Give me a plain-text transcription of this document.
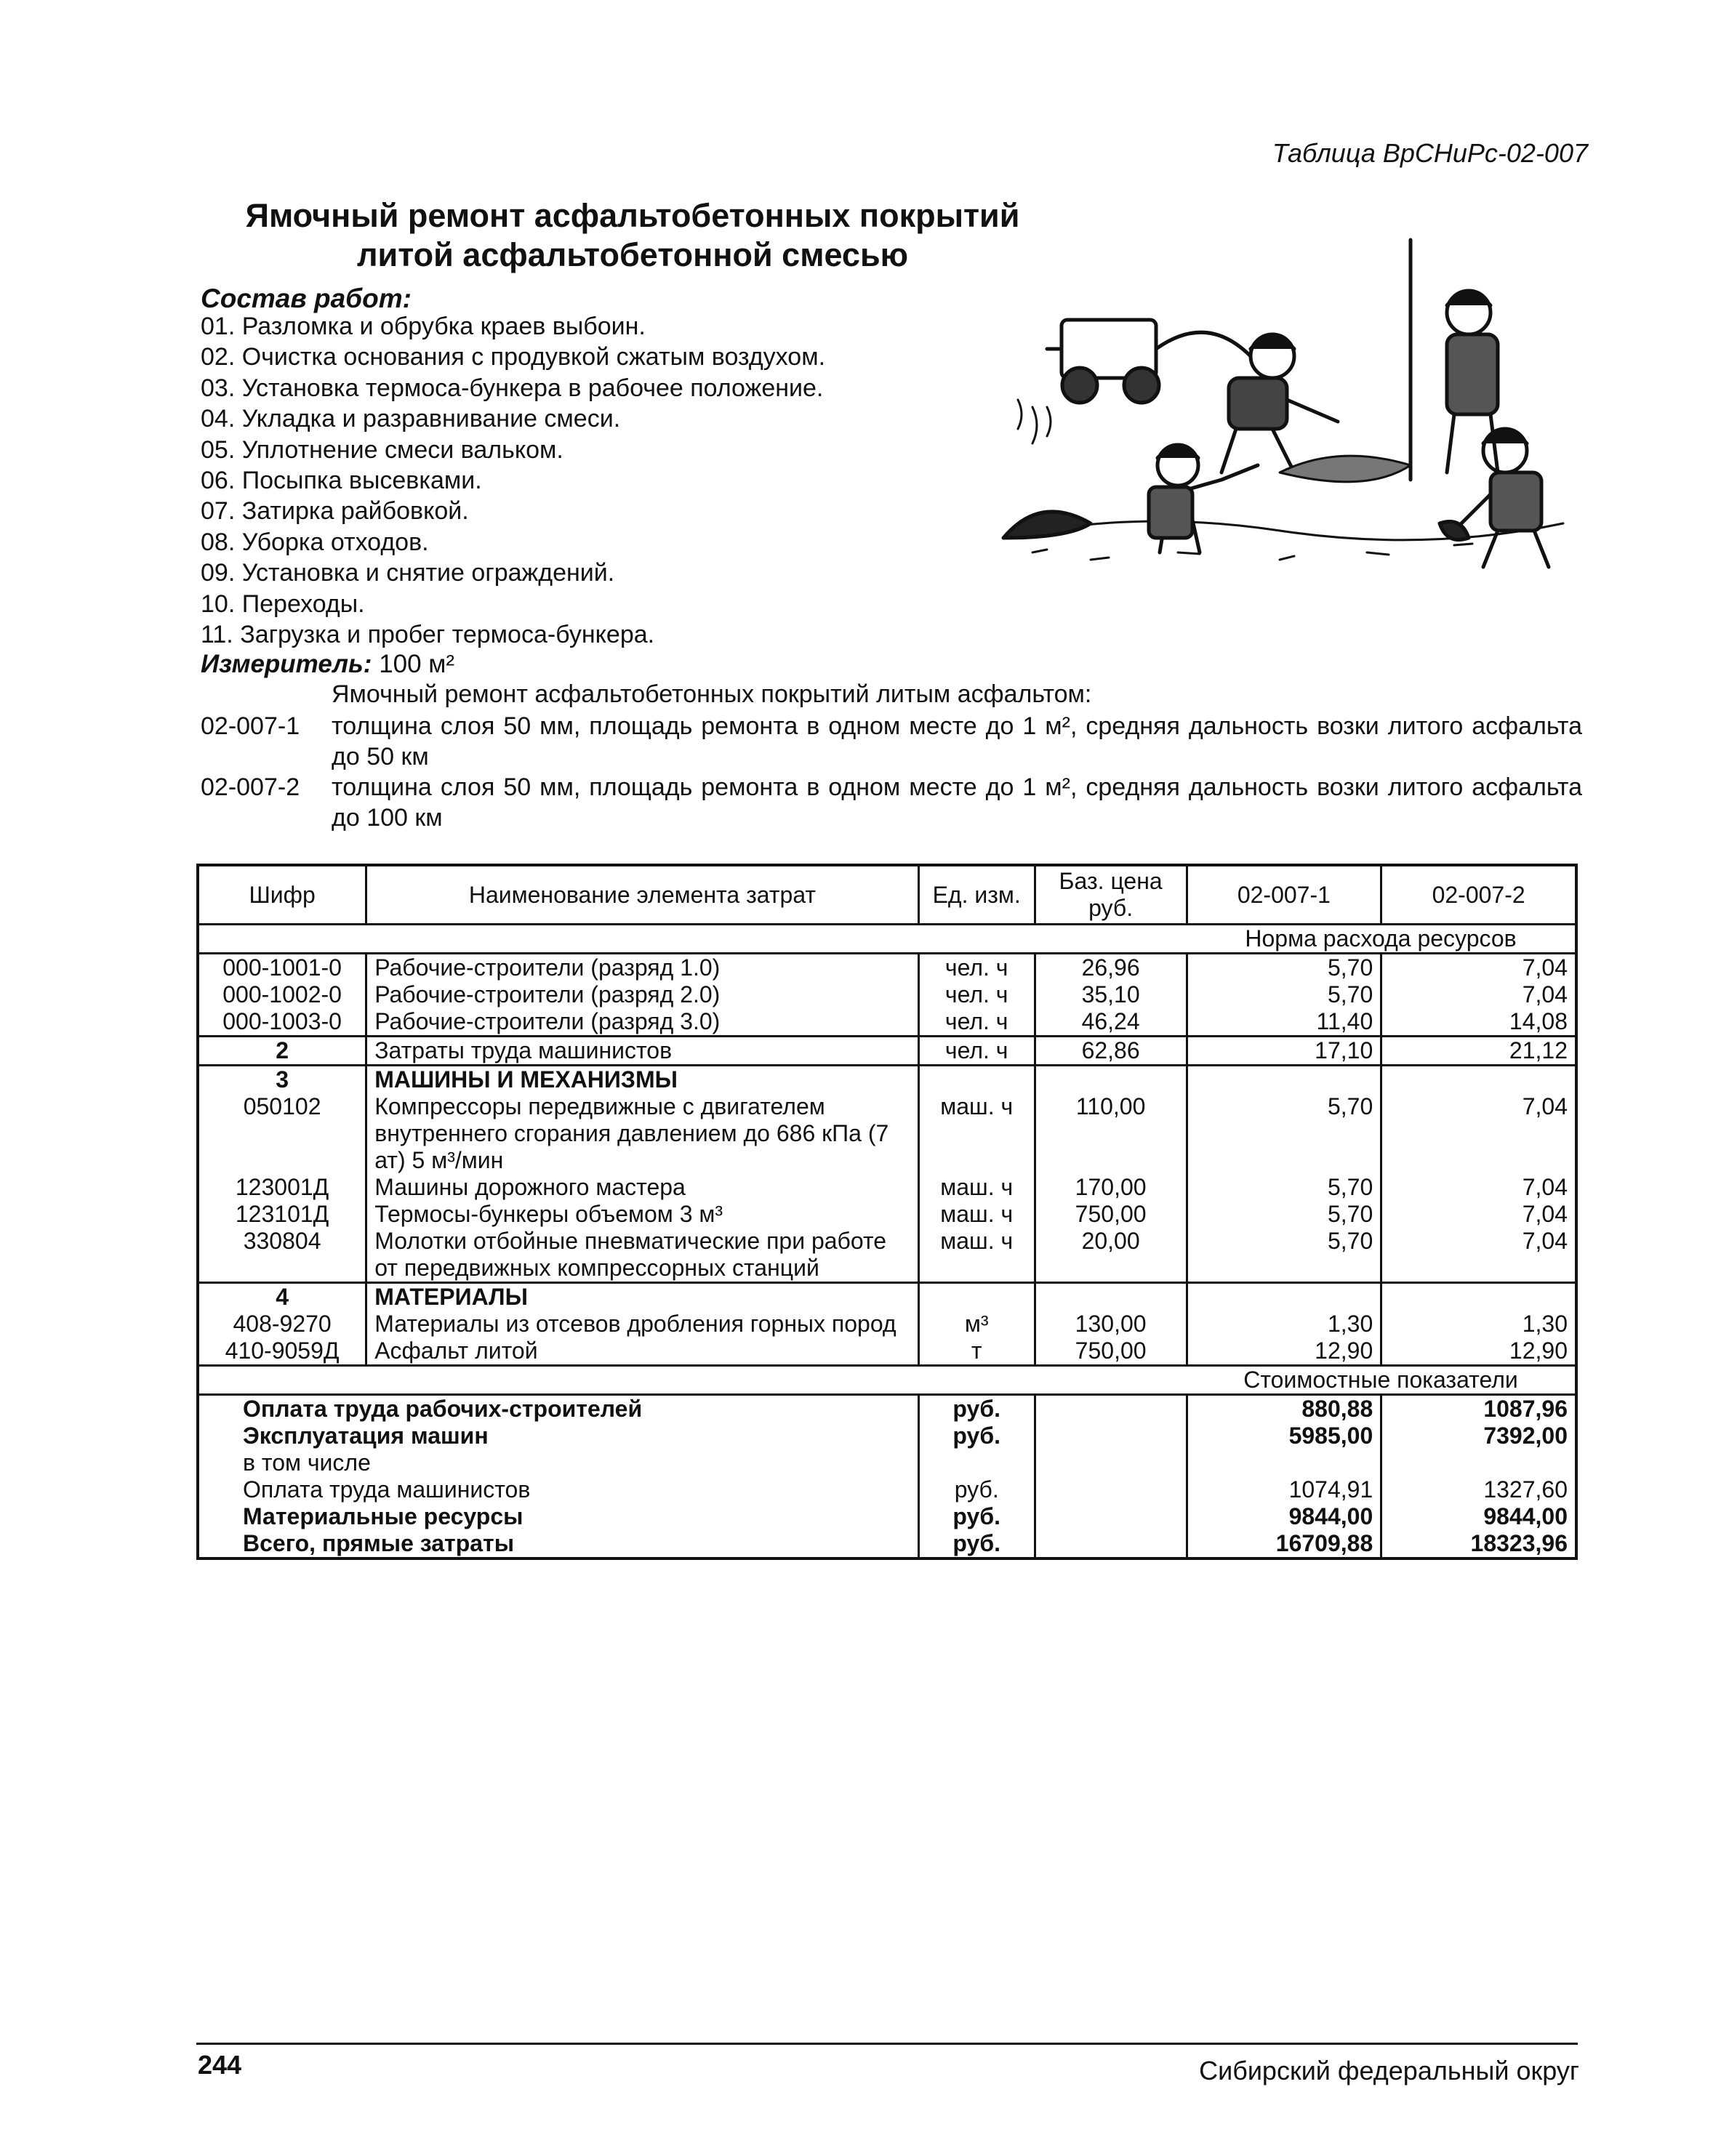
Таблица ВрСНиРс-02-007
Ямочный ремонт асфальтобетонных покрытий
литой асфальтобетонной смесью
Состав работ:
01. Разломка и обрубка краев выбоин.
02. Очистка основания с продувкой сжатым воздухом.
03. Установка термоса-бункера в рабочее положение.
04. Укладка и разравнивание смеси.
05. Уплотнение смеси вальком.
06. Посыпка высевками.
07. Затирка райбовкой.
08. Уборка отходов.
09. Установка и снятие ограждений.
10. Переходы.
11. Загрузка и пробег термоса-бункера.
Измеритель: 100 м²
Ямочный ремонт асфальтобетонных покрытий литым асфальтом:
02-007-1	толщина слоя 50 мм, площадь ремонта в одном месте до 1 м², средняя дальность возки литого асфальта до 50 км
02-007-2	толщина слоя 50 мм, площадь ремонта в одном месте до 1 м², средняя дальность возки литого асфальта до 100 км
Шифр	Наименование элемента затрат	Ед. изм.	Баз. цена руб.	02-007-1	02-007-2
				Норма расхода ресурсов	
000-1001-0	Рабочие-строители (разряд 1.0)	чел. ч	26,96	5,70	7,04
000-1002-0	Рабочие-строители (разряд 2.0)	чел. ч	35,10	5,70	7,04
000-1003-0	Рабочие-строители (разряд 3.0)	чел. ч	46,24	11,40	14,08
2	Затраты труда машинистов	чел. ч	62,86	17,10	21,12
3	МАШИНЫ И МЕХАНИЗМЫ				
050102	Компрессоры передвижные с двигателем внутреннего сгорания давлением до 686 кПа (7 ат) 5 м³/мин	маш. ч	110,00	5,70	7,04
123001Д	Машины дорожного мастера	маш. ч	170,00	5,70	7,04
123101Д	Термосы-бункеры объемом 3 м³	маш. ч	750,00	5,70	7,04
330804	Молотки отбойные пневматические при работе от передвижных компрессорных станций	маш. ч	20,00	5,70	7,04
4	МАТЕРИАЛЫ				
408-9270	Материалы из отсевов дробления горных пород	м³	130,00	1,30	1,30
410-9059Д	Асфальт литой	т	750,00	12,90	12,90
				Стоимостные показатели	
Оплата труда рабочих-строителей		руб.		880,88	1087,96
Эксплуатация машин		руб.		5985,00	7392,00
в том числе					
Оплата труда машинистов		руб.		1074,91	1327,60
Материальные ресурсы		руб.		9844,00	9844,00
Всего, прямые затраты		руб.		16709,88	18323,96
244	Сибирский федеральный округ
